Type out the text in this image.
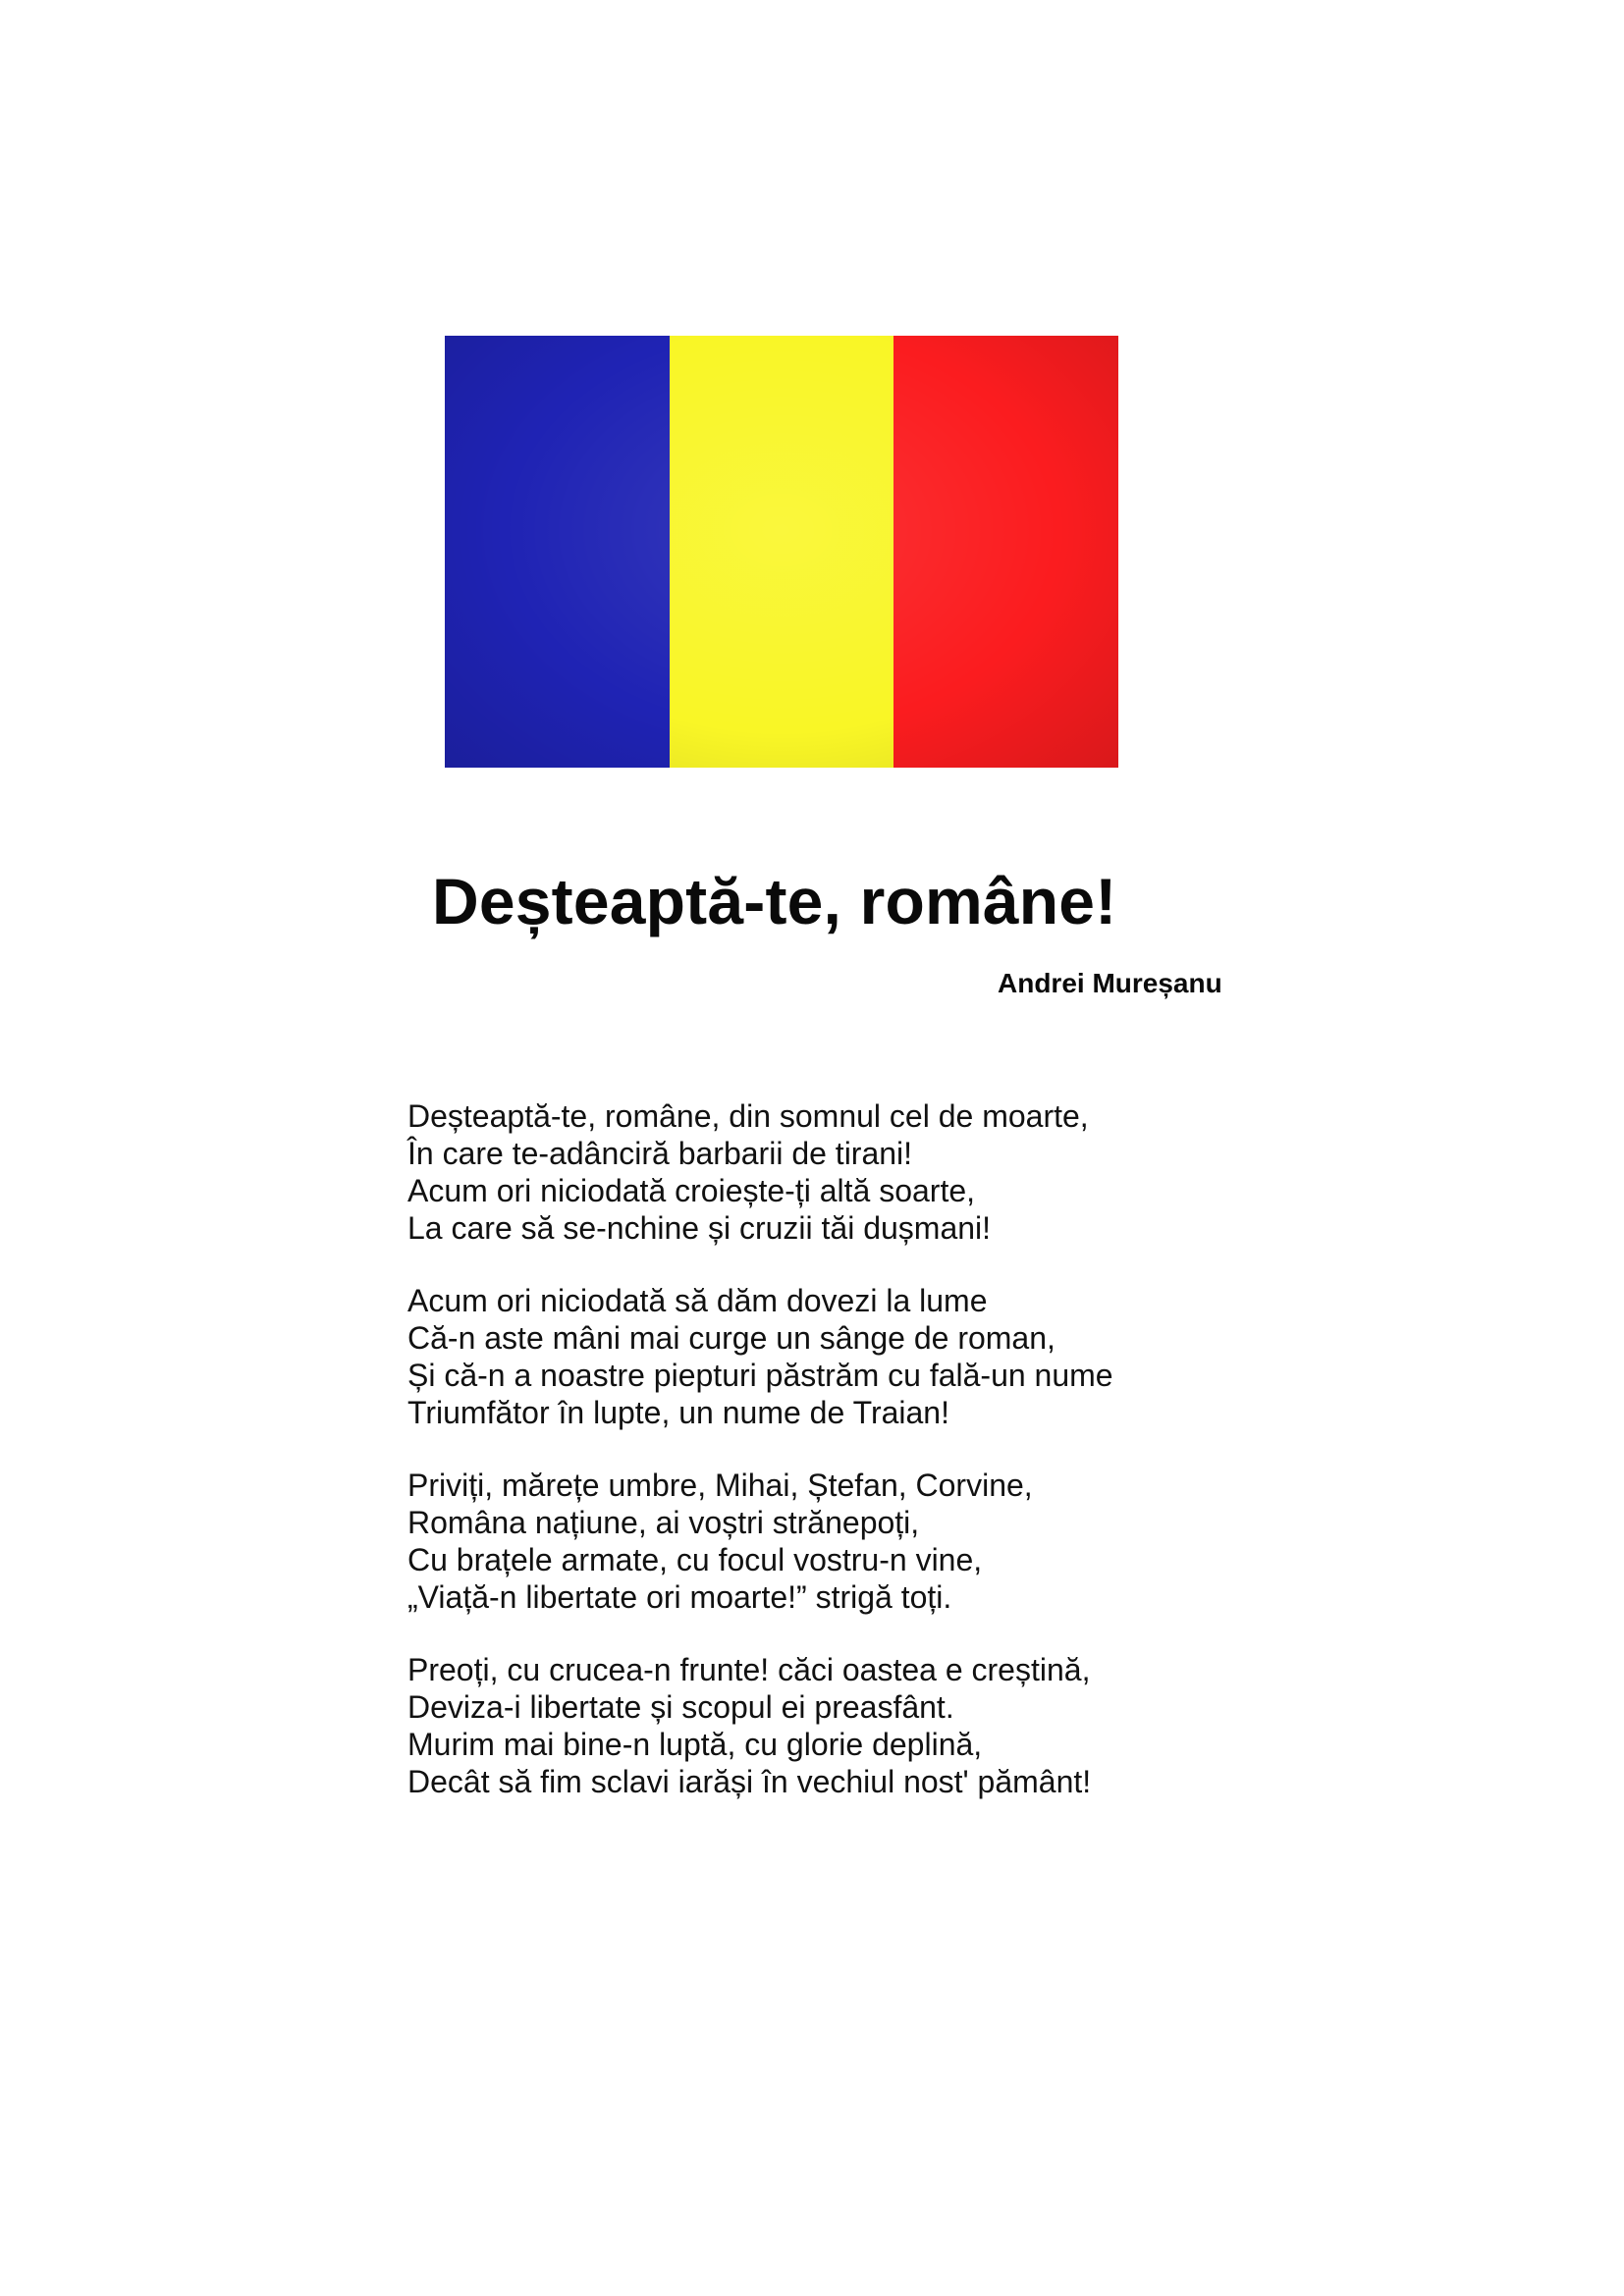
Deșteaptă-te, române!

Andrei Mureșanu

Deșteaptă-te, române, din somnul cel de moarte,
În care te-adânciră barbarii de tirani!
Acum ori niciodată croiește-ți altă soarte,
La care să se-nchine și cruzii tăi dușmani!

Acum ori niciodată să dăm dovezi la lume
Că-n aste mâni mai curge un sânge de roman,
Și că-n a noastre piepturi păstrăm cu fală-un nume
Triumfător în lupte, un nume de Traian!

Priviți, mărețe umbre, Mihai, Ștefan, Corvine,
Româna națiune, ai voștri strănepoți,
Cu brațele armate, cu focul vostru-n vine,
„Viață-n libertate ori moarte!” strigă toți.

Preoți, cu crucea-n frunte! căci oastea e creștină,
Deviza-i libertate și scopul ei preasfânt.
Murim mai bine-n luptă, cu glorie deplină,
Decât să fim sclavi iarăși în vechiul nost' pământ!
